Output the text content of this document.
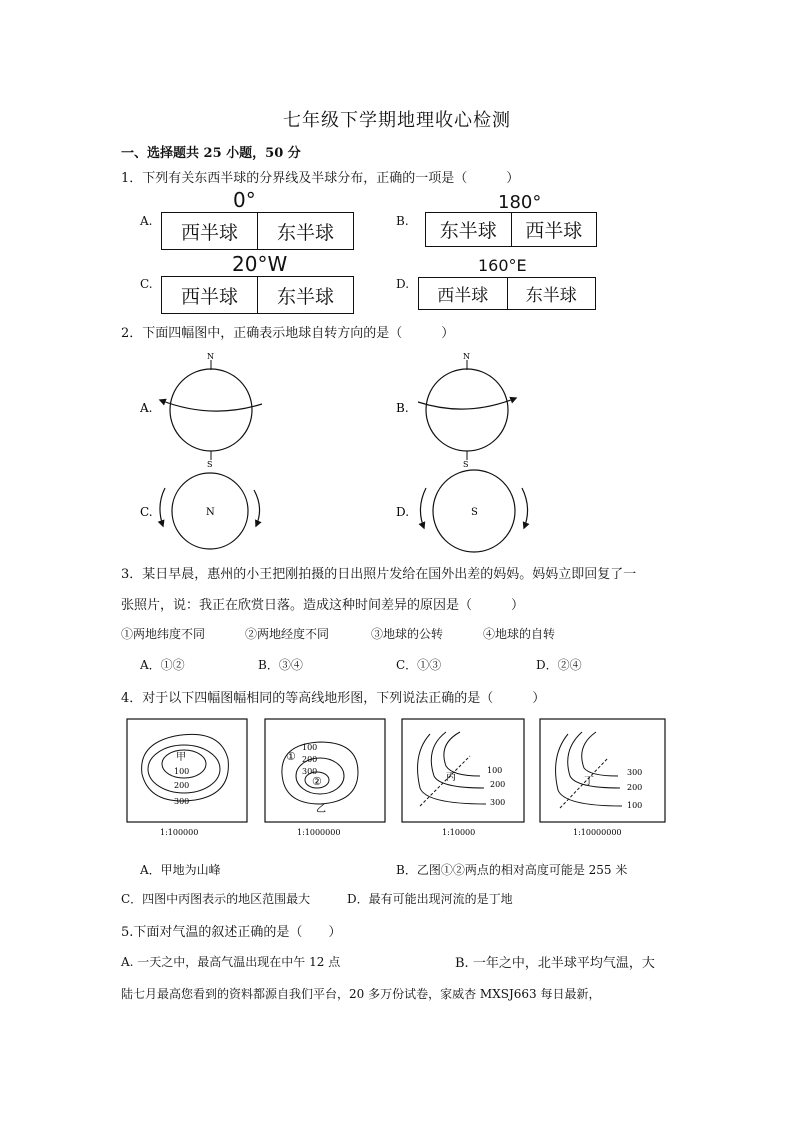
七年级下学期地理收心检测
一、选择题共 25 小题，50 分
1．下列有关东西半球的分界线及半球分布，正确的一项是（　　　）
A.
0°
西半球	东半球
B.
180°
东半球	西半球
C.
20°W
西半球	东半球
D.
160°E
西半球	东半球
2．下面四幅图中，正确表示地球自转方向的是（　　　）
A.
N
S
B.
N
S
C.	N	D.	S
3．某日早晨，惠州的小王把刚拍摄的日出照片发给在国外出差的妈妈。妈妈立即回复了一
张照片，说：我正在欣赏日落。造成这种时间差异的原因是（　　　）
①两地纬度不同	②两地经度不同	③地球的公转	④地球的自转
A．①②	B．③④	C．①③	D．②④
4．对于以下四幅图幅相同的等高线地形图，下列说法正确的是（　　　）
甲
100
200
300
1:100000
①
②
100
200
300
乙
1:1000000
丙
100
200
300
1:10000
丁
300
200
100
1:10000000
A．甲地为山峰	B．乙图①②两点的相对高度可能是 255 米
C．四图中丙图表示的地区范围最大	D．最有可能出现河流的是丁地
5.下面对气温的叙述正确的是（　　）
A. 一天之中，最高气温出现在中午 12 点	B. 一年之中，北半球平均气温，大
陆七月最高您看到的资料都源自我们平台，20 多万份试卷，家威杏 MXSJ663 每日最新，
